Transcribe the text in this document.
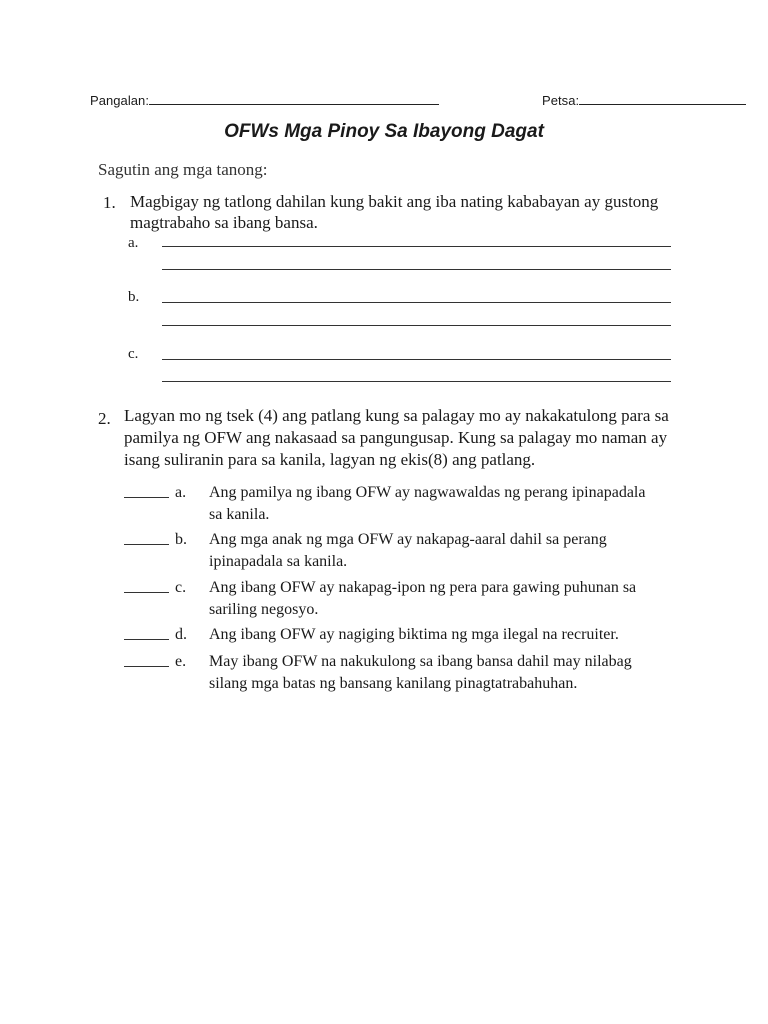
Pangalan:	Petsa:
OFWs Mga Pinoy Sa Ibayong Dagat
Sagutin ang mga tanong:
1. Magbigay ng tatlong dahilan kung bakit ang iba nating kababayan ay gustong magtrabaho sa ibang bansa.
a.
b.
c.
2. Lagyan mo ng tsek (4) ang patlang kung sa palagay mo ay nakakatulong para sa pamilya ng OFW ang nakasaad sa pangungusap. Kung sa palagay mo naman ay isang suliranin para sa kanila, lagyan ng ekis(8) ang patlang.
a. Ang pamilya ng ibang OFW ay nagwawaldas ng perang ipinapadala sa kanila.
b. Ang mga anak ng mga OFW ay nakapag-aaral dahil sa perang ipinapadala sa kanila.
c. Ang ibang OFW ay nakapag-ipon ng pera para gawing puhunan sa sariling negosyo.
d. Ang ibang OFW ay nagiging biktima ng mga ilegal na recruiter.
e. May ibang OFW na nakukulong sa ibang bansa dahil may nilabag silang mga batas ng bansang kanilang pinagtatrabahuhan.
